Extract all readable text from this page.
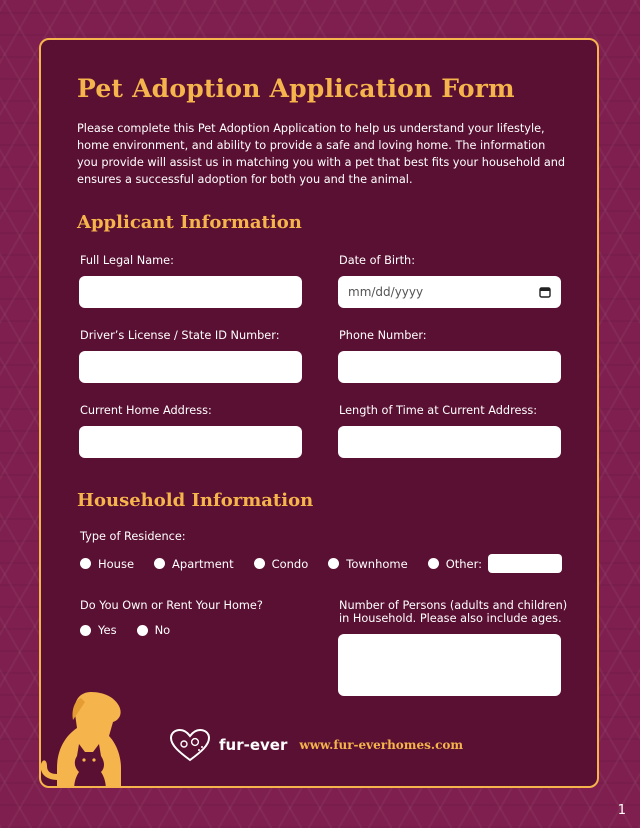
Pet Adoption Application Form

Please complete this Pet Adoption Application to help us understand your lifestyle, home environment, and ability to provide a safe and loving home. The information you provide will assist us in matching you with a pet that best fits your household and ensures a successful adoption for both you and the animal.

Applicant Information
Full Legal Name:	Date of Birth:
mm/dd/yyyy
Driver’s License / State ID Number:	Phone Number:
Current Home Address:	Length of Time at Current Address:
Household Information
Type of Residence:
House	Apartment	Condo	Townhome	Other:
Do You Own or Rent Your Home?
Yes	No
Number of Persons (adults and children) in Household. Please also include ages.
fur-ever www.fur-everhomes.com
1
